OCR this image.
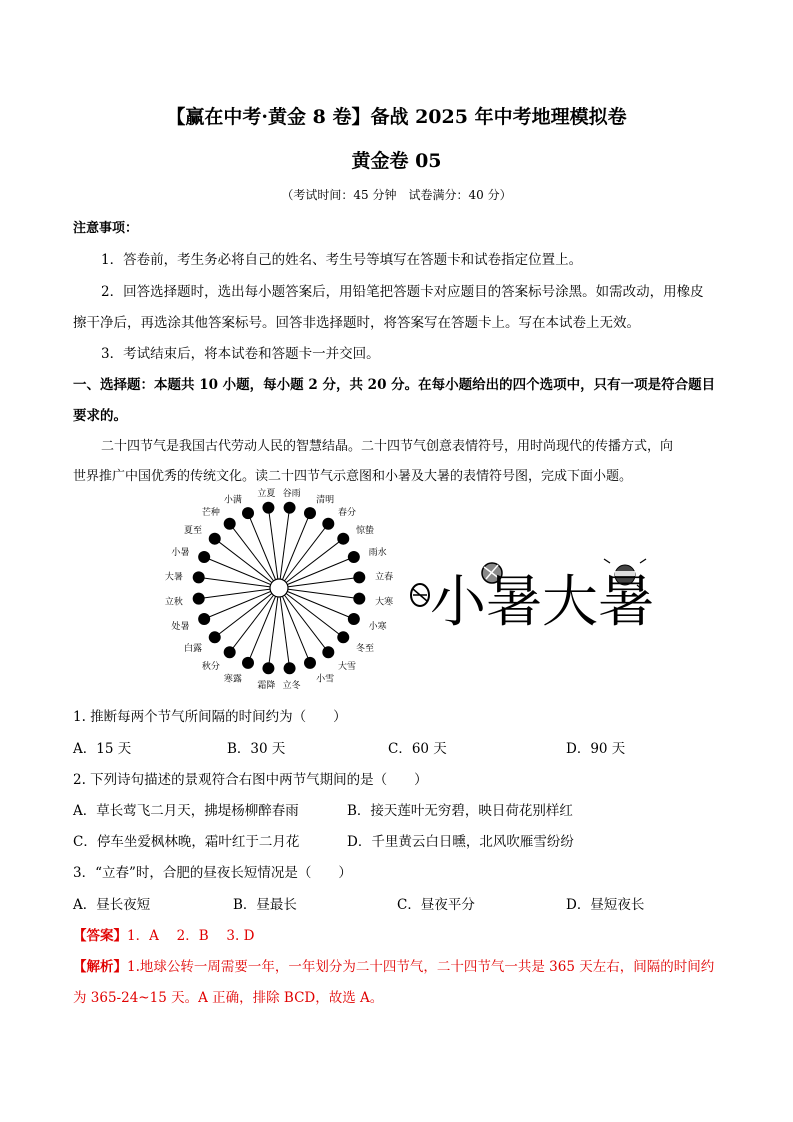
【赢在中考·黄金 8 卷】备战 2025 年中考地理模拟卷
黄金卷 05
（考试时间：45 分钟　试卷满分：40 分）
注意事项：
1．答卷前，考生务必将自己的姓名、考生号等填写在答题卡和试卷指定位置上。
2．回答选择题时，选出每小题答案后，用铅笔把答题卡对应题目的答案标号涂黑。如需改动，用橡皮
擦干净后，再选涂其他答案标号。回答非选择题时，将答案写在答题卡上。写在本试卷上无效。
3．考试结束后，将本试卷和答题卡一并交回。
一、选择题：本题共 10 小题，每小题 2 分，共 20 分。在每小题给出的四个选项中，只有一项是符合题目
要求的。
二十四节气是我国古代劳动人民的智慧结晶。二十四节气创意表情符号，用时尚现代的传播方式，向
世界推广中国优秀的传统文化。读二十四节气示意图和小暑及大暑的表情符号图，完成下面小题。
立春
雨水
惊蛰
春分
清明
谷雨
立夏
小满
芒种
夏至
小暑
大暑
立秋
处暑
白露
秋分
寒露
霜降 立冬
小雪
大雪
冬至
小寒
大寒 小暑大暑
1. 推断每两个节气所间隔的时间约为（　　）
A．15 天	B．30 天	C．60 天	D．90 天
2. 下列诗句描述的景观符合右图中两节气期间的是（　　）
A．草长莺飞二月天，拂堤杨柳醉春雨	B．接天莲叶无穷碧，映日荷花别样红
C．停车坐爱枫林晚，霜叶红于二月花	D．千里黄云白日曛，北风吹雁雪纷纷
3．“立春”时，合肥的昼夜长短情况是（　　）
A．昼长夜短	B．昼最长	C．昼夜平分	D．昼短夜长
【答案】1．A　 2．B　 3. D
【解析】1.地球公转一周需要一年，一年划分为二十四节气，二十四节气一共是 365 天左右，间隔的时间约
为 365-24~15 天。A 正确，排除 BCD，故选 A。
